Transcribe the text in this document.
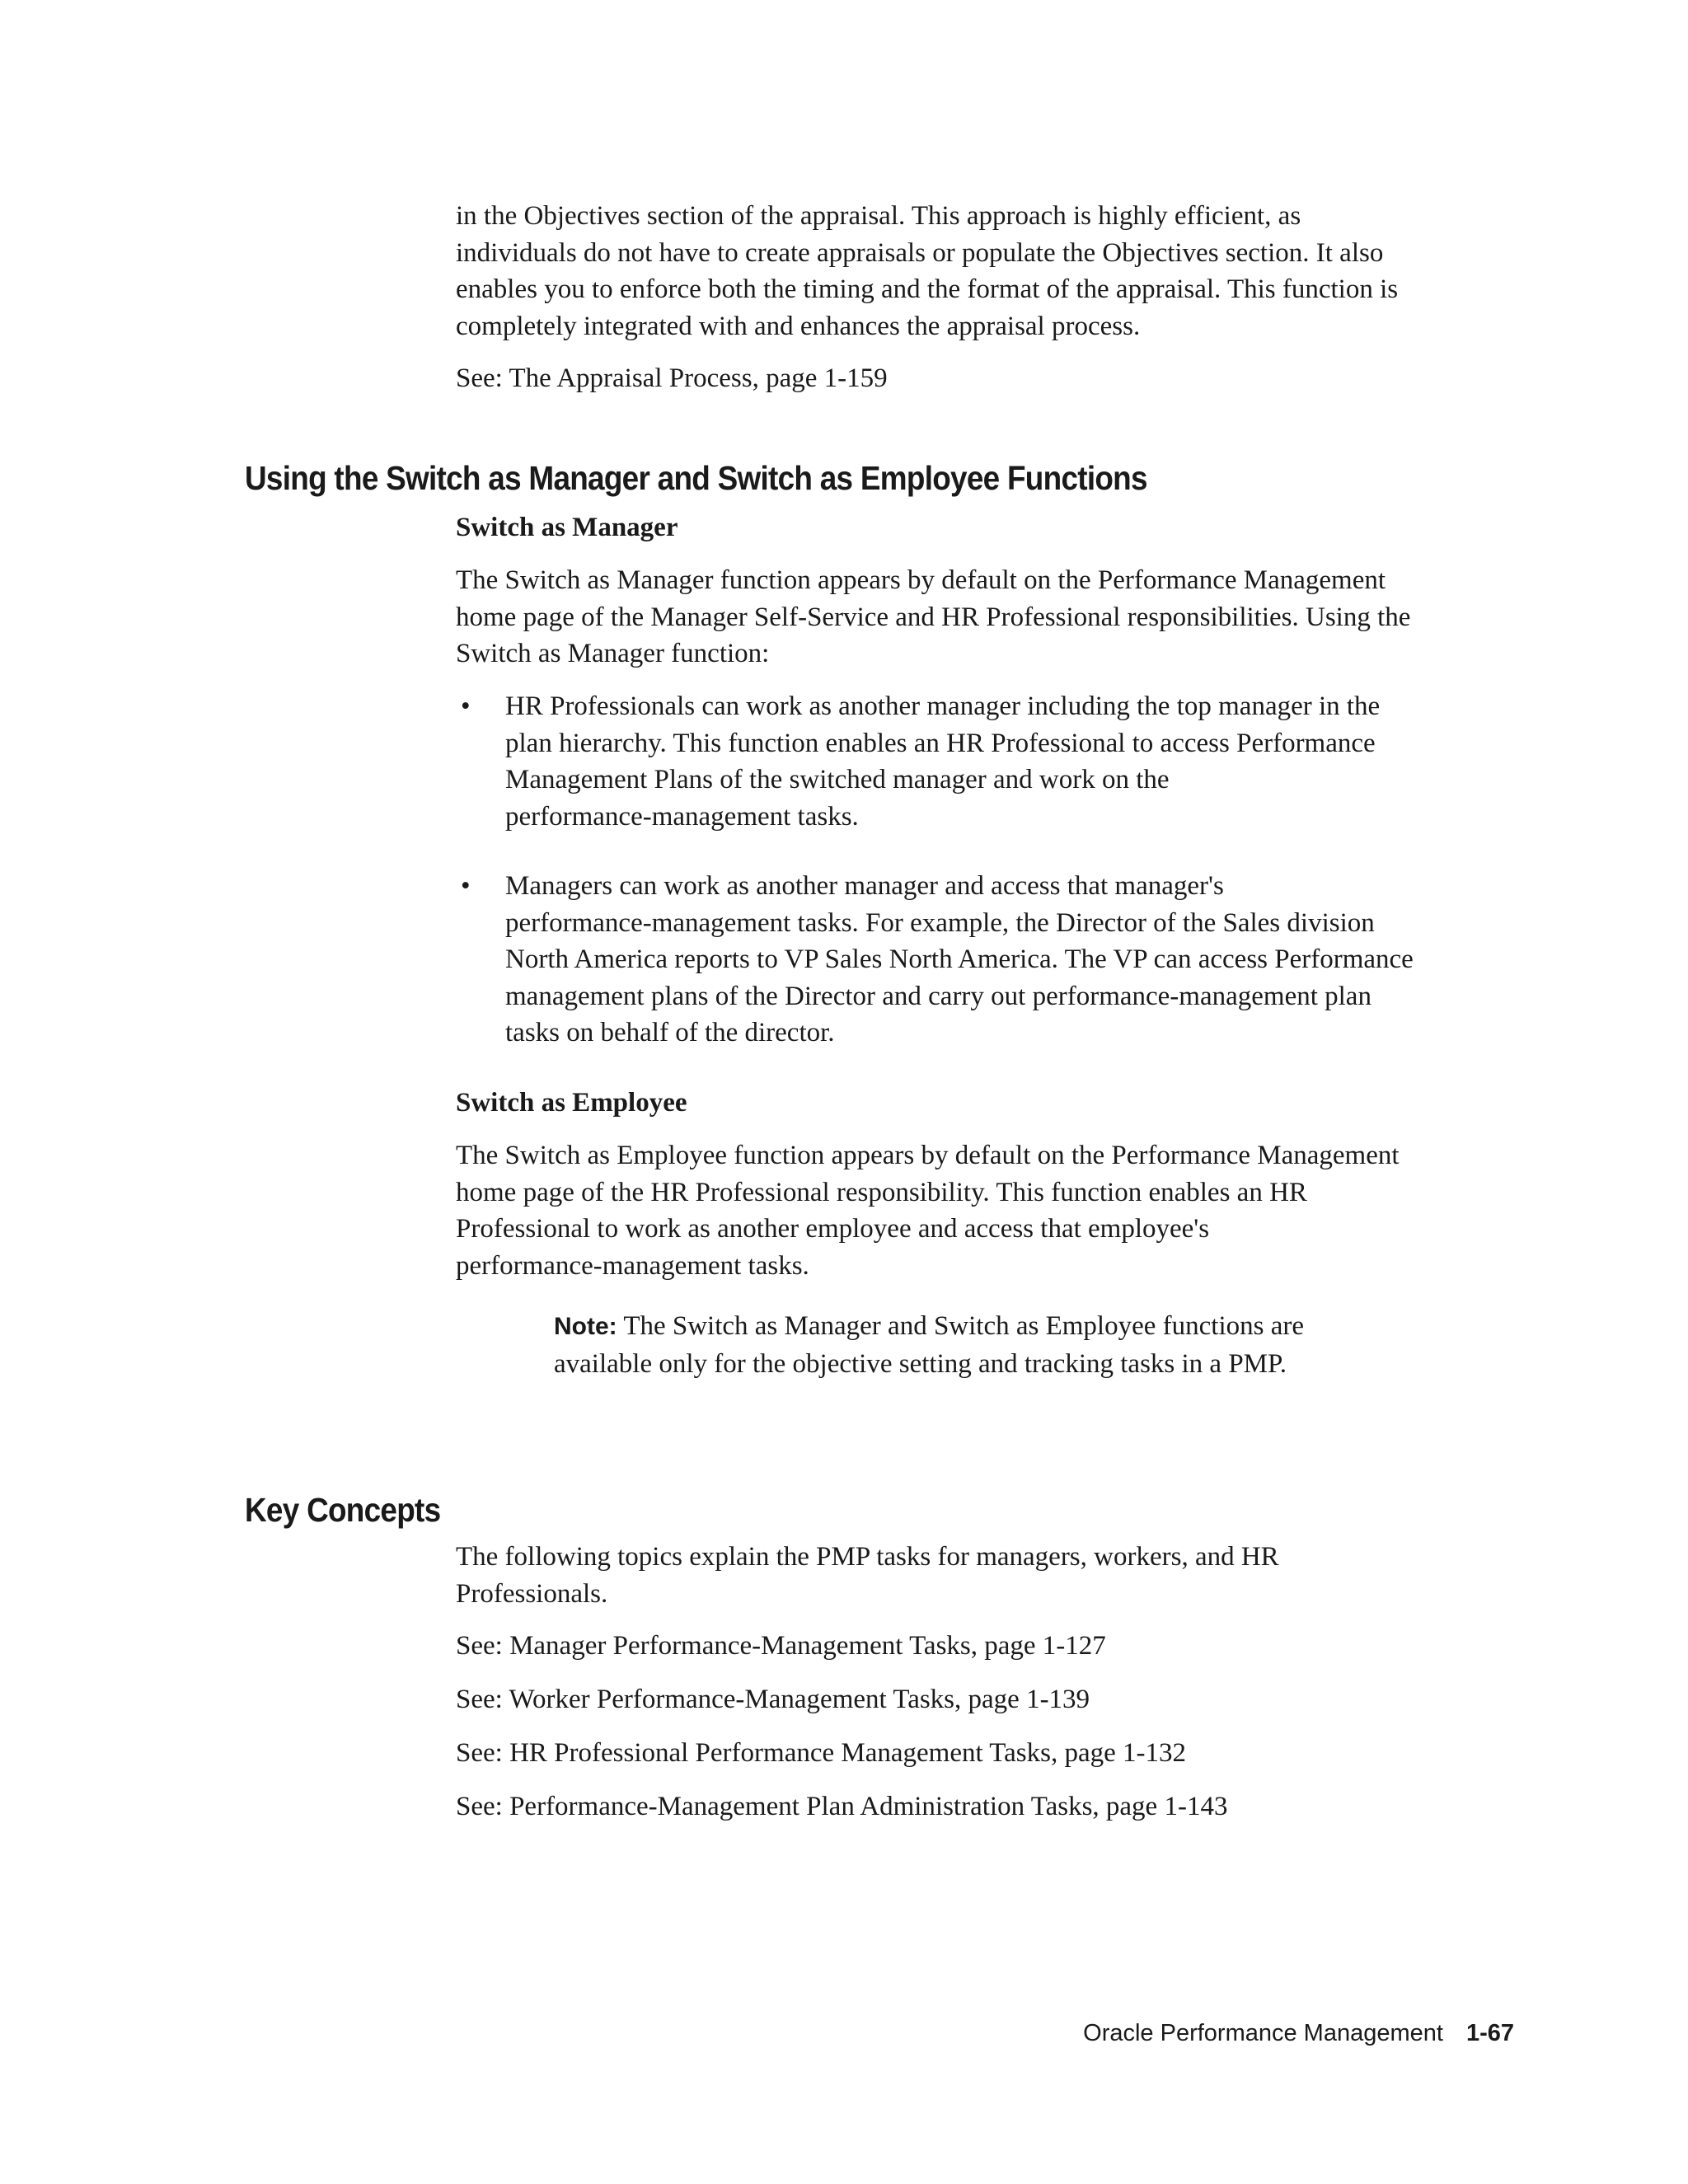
in the Objectives section of the appraisal. This approach is highly efficient, as

individuals do not have to create appraisals or populate the Objectives section. It also

enables you to enforce both the timing and the format of the appraisal. This function is

completely integrated with and enhances the appraisal process.

See: The Appraisal Process, page 1-159

Using the Switch as Manager and Switch as Employee Functions
Switch as Manager

The Switch as Manager function appears by default on the Performance Management

home page of the Manager Self-Service and HR Professional responsibilities. Using the

Switch as Manager function:

• HR Professionals can work as another manager including the top manager in the
plan hierarchy. This function enables an HR Professional to access Performance
Management Plans of the switched manager and work on the
performance-management tasks.
• Managers can work as another manager and access that manager's
performance-management tasks. For example, the Director of the Sales division
North America reports to VP Sales North America. The VP can access Performance
management plans of the Director and carry out performance-management plan
tasks on behalf of the director.
Switch as Employee

The Switch as Employee function appears by default on the Performance Management

home page of the HR Professional responsibility. This function enables an HR

Professional to work as another employee and access that employee's

performance-management tasks.

Note: The Switch as Manager and Switch as Employee functions are
available only for the objective setting and tracking tasks in a PMP.
Key Concepts

The following topics explain the PMP tasks for managers, workers, and HR

Professionals.

See: Manager Performance-Management Tasks, page 1-127

See: Worker Performance-Management Tasks, page 1-139

See: HR Professional Performance Management Tasks, page 1-132

See: Performance-Management Plan Administration Tasks, page 1-143

Oracle Performance Management 1-67
